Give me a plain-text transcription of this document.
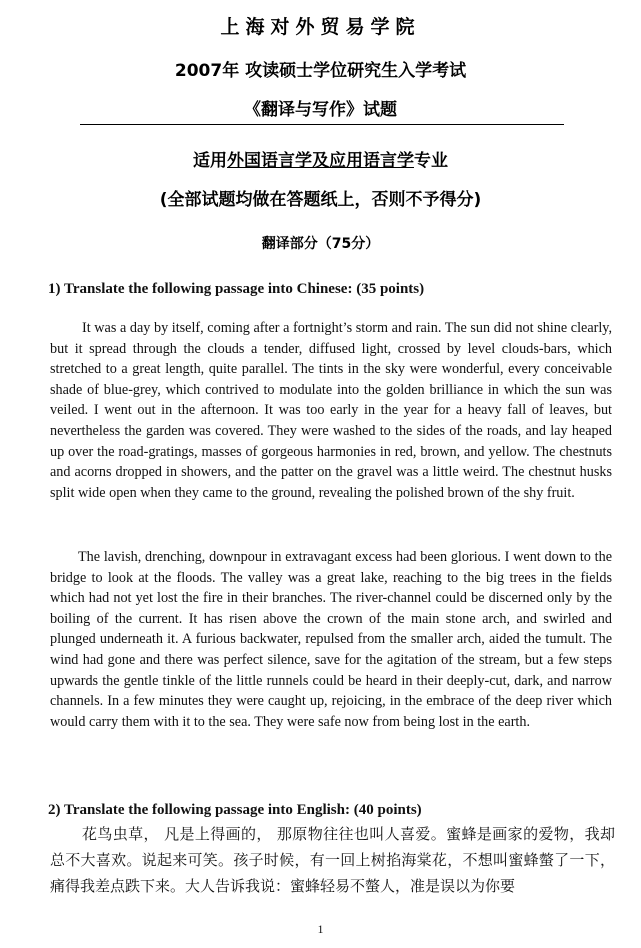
上海对外贸易学院
2007年 攻读硕士学位研究生入学考试
《翻译与写作》试题
适用外国语言学及应用语言学专业
(全部试题均做在答题纸上，否则不予得分)
翻译部分（75分）
1) Translate the following passage into Chinese: (35 points)
It was a day by itself, coming after a fortnight’s storm and rain. The sun did not shine clearly, but it spread through the clouds a tender, diffused light, crossed by level clouds-bars, which stretched to a great length, quite parallel. The tints in the sky were wonderful, every conceivable shade of blue-grey, which contrived to modulate into the golden brilliance in which the sun was veiled. I went out in the afternoon. It was too early in the year for a heavy fall of leaves, but nevertheless the garden was covered. They were washed to the sides of the roads, and lay heaped up over the road-gratings, masses of gorgeous harmonies in red, brown, and yellow. The chestnuts and acorns dropped in showers, and the patter on the gravel was a little weird. The chestnut husks split wide open when they came to the ground, revealing the polished brown of the shy fruit.
The lavish, drenching, downpour in extravagant excess had been glorious. I went down to the bridge to look at the floods. The valley was a great lake, reaching to the big trees in the fields which had not yet lost the fire in their branches. The river-channel could be discerned only by the boiling of the current. It has risen above the crown of the main stone arch, and swirled and plunged underneath it. A furious backwater, repulsed from the smaller arch, aided the tumult. The wind had gone and there was perfect silence, save for the agitation of the stream, but a few steps upwards the gentle tinkle of the little runnels could be heard in their deeply-cut, dark, and narrow channels. In a few minutes they were caught up, rejoicing, in the embrace of the deep river which would carry them with it to the sea. They were safe now from being lost in the earth.
2) Translate the following passage into English: (40 points)
花鸟虫草， 凡是上得画的， 那原物往往也叫人喜爱。蜜蜂是画家的爱物，我却总不大喜欢。说起来可笑。孩子时候，有一回上树掐海棠花，不想叫蜜蜂螫了一下，痛得我差点跌下来。大人告诉我说：蜜蜂轻易不螫人，准是误以为你要
1
